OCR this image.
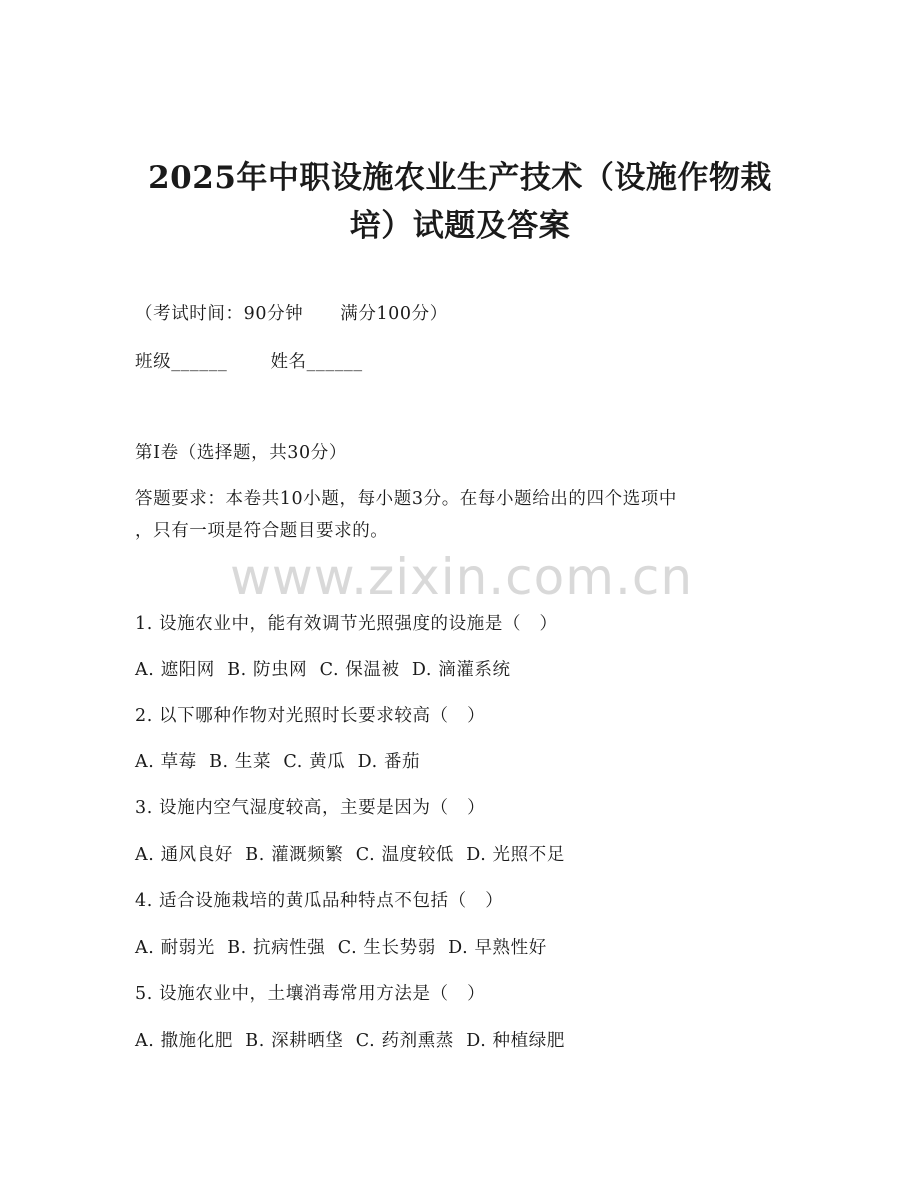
2025年中职设施农业生产技术（设施作物栽
培）试题及答案

（考试时间：90分钟      满分100分）

班级______       姓名______

第I卷（选择题，共30分）

答题要求：本卷共10小题，每小题3分。在每小题给出的四个选项中

，只有一项是符合题目要求的。

www.zixin.com.cn

1. 设施农业中，能有效调节光照强度的设施是（   ）

A. 遮阳网  B. 防虫网  C. 保温被  D. 滴灌系统

2. 以下哪种作物对光照时长要求较高（   ）

A. 草莓  B. 生菜  C. 黄瓜  D. 番茄

3. 设施内空气湿度较高，主要是因为（   ）

A. 通风良好  B. 灌溉频繁  C. 温度较低  D. 光照不足

4. 适合设施栽培的黄瓜品种特点不包括（   ）

A. 耐弱光  B. 抗病性强  C. 生长势弱  D. 早熟性好

5. 设施农业中，土壤消毒常用方法是（   ）

A. 撒施化肥  B. 深耕晒垡  C. 药剂熏蒸  D. 种植绿肥
